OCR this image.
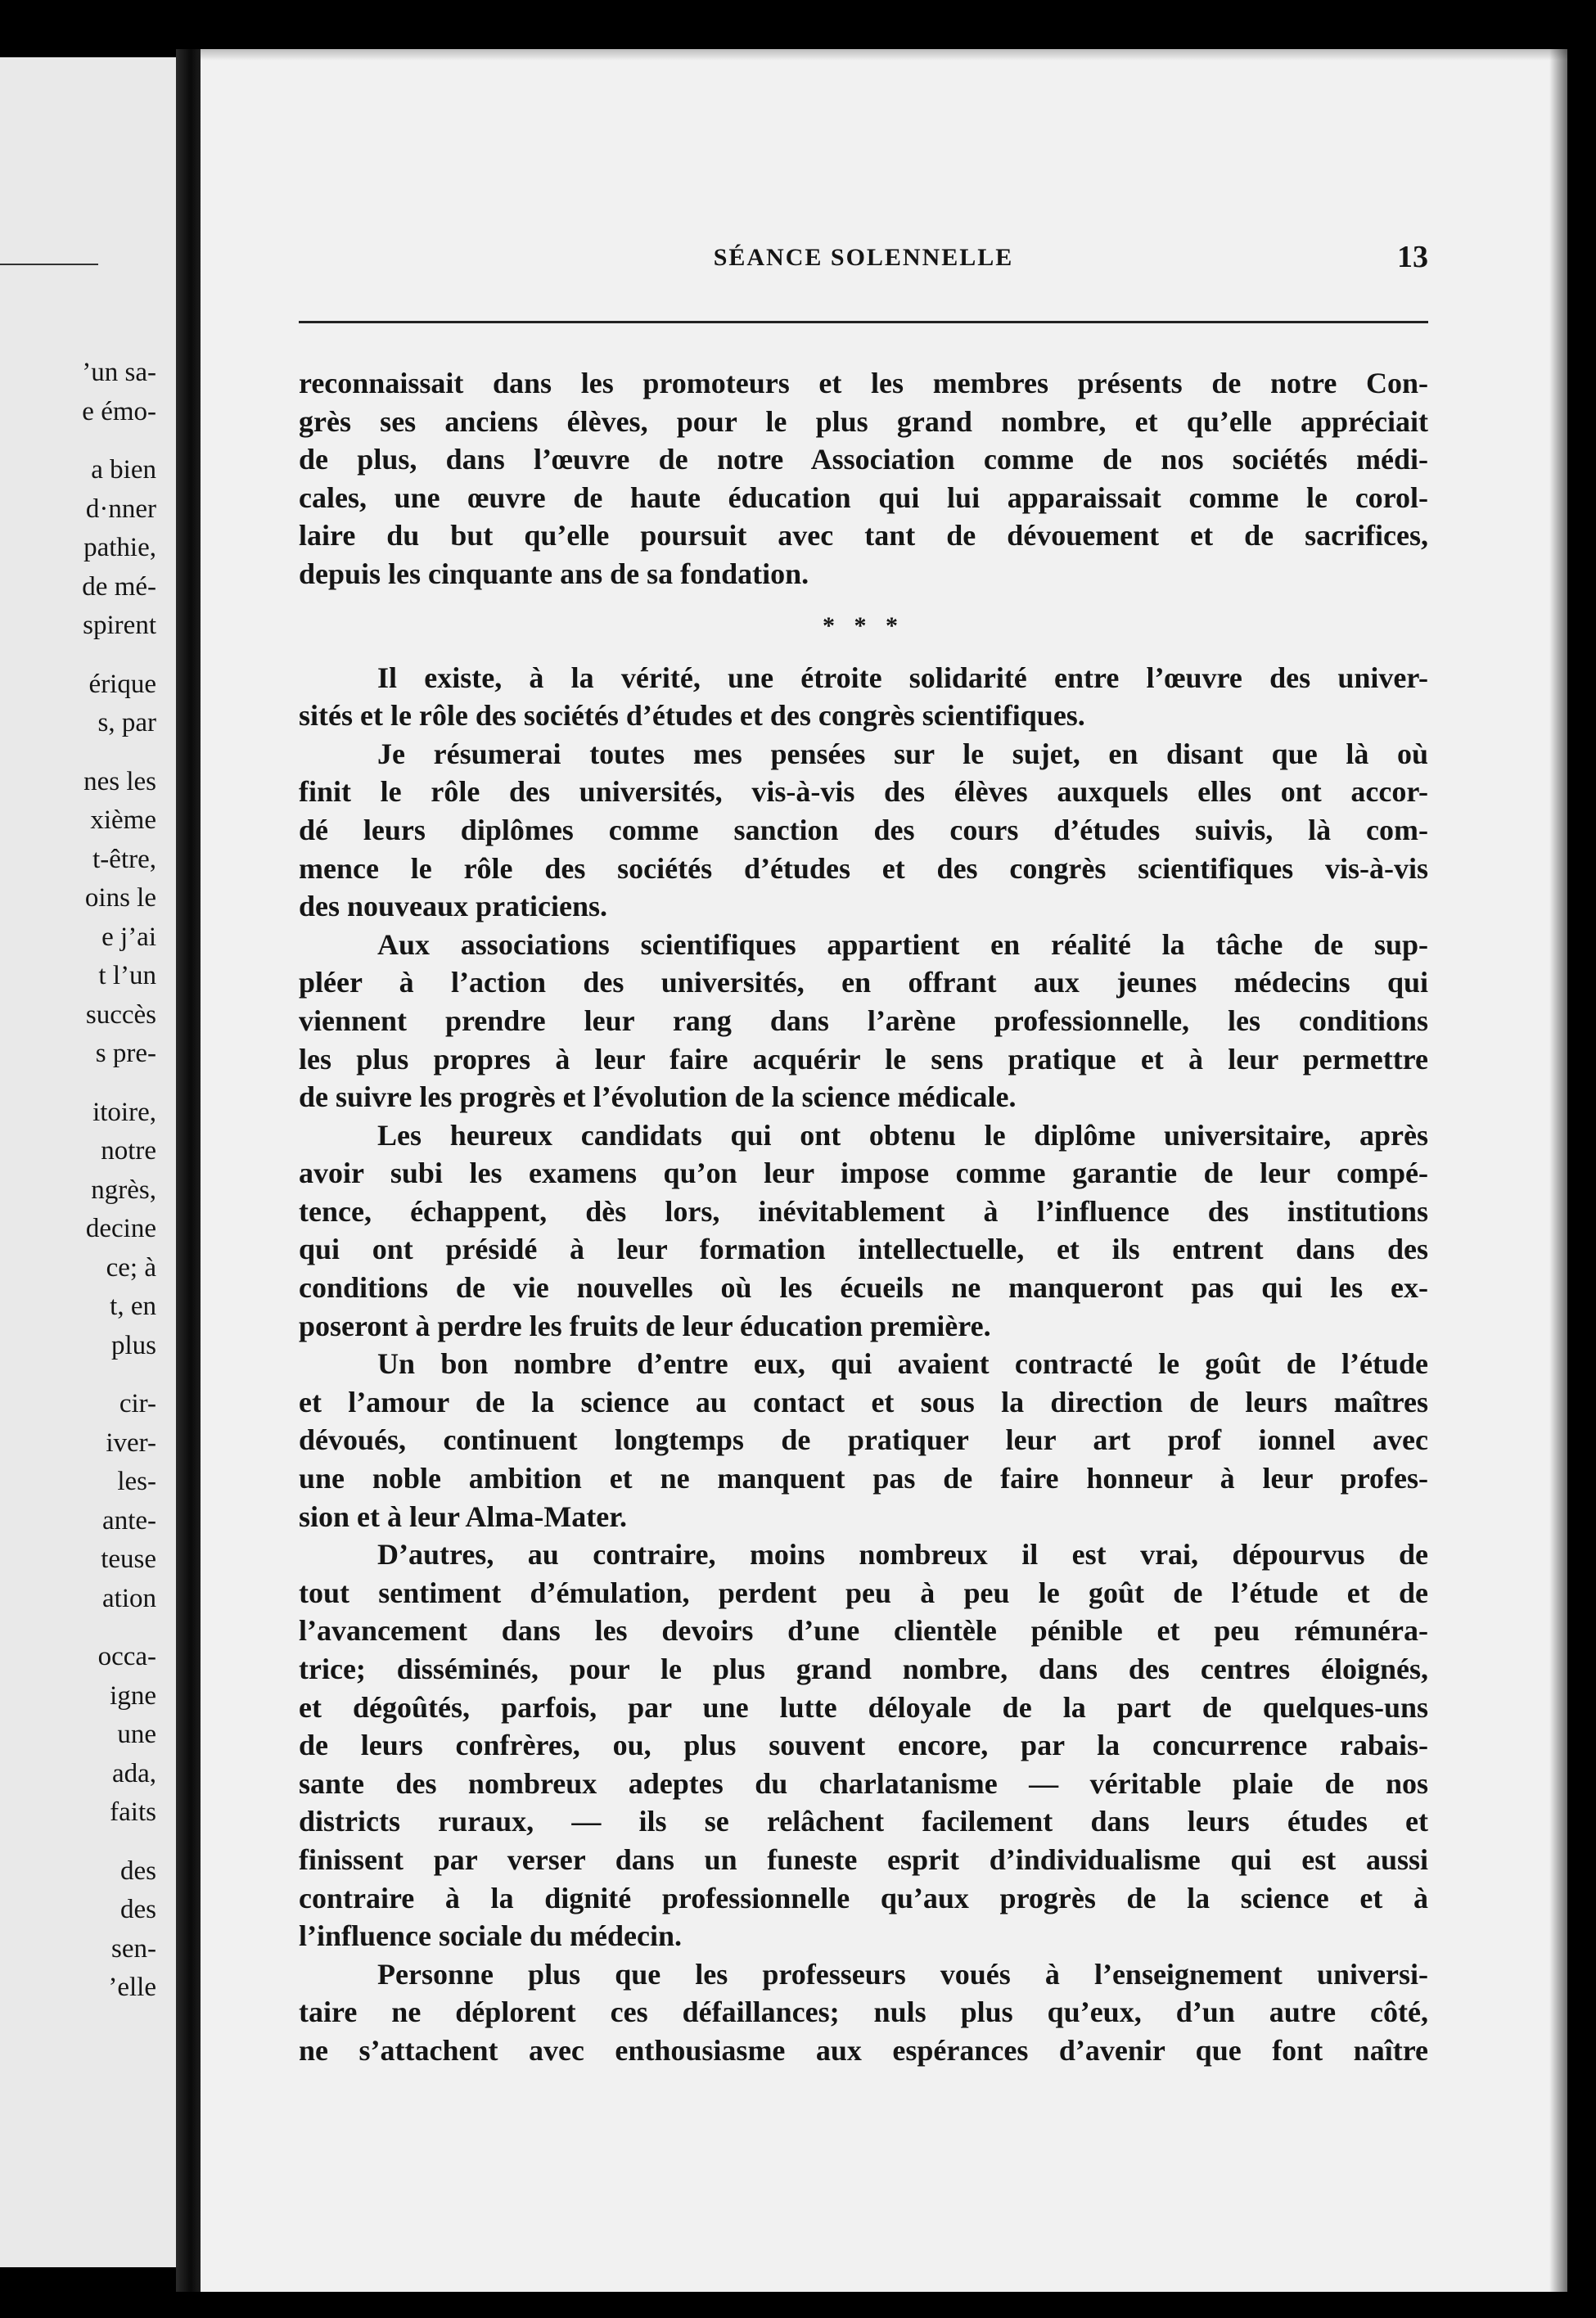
’un sa-
e émo-
a bien
d·nner
pathie,
de mé-
spirent
érique
s, par
nes les
xième
t-être,
oins le
e j’ai
t l’un
succès
s pre-
itoire,
notre
ngrès,
decine
ce; à
t, en
plus
cir-
iver-
les-
ante-
teuse
ation
occa-
igne
une
ada,
faits
des
des
sen-
’elle
SÉANCE SOLENNELLE	13
reconnaissait dans les promoteurs et les membres présents de notre Con-
grès ses anciens élèves, pour le plus grand nombre, et qu’elle appréciait
de plus, dans l’œuvre de notre Association comme de nos sociétés médi-
cales, une œuvre de haute éducation qui lui apparaissait comme le corol-
laire du but qu’elle poursuit avec tant de dévouement et de sacrifices,
depuis les cinquante ans de sa fondation.
* * *
Il existe, à la vérité, une étroite solidarité entre l’œuvre des univer-
sités et le rôle des sociétés d’études et des congrès scientifiques.
Je résumerai toutes mes pensées sur le sujet, en disant que là où
finit le rôle des universités, vis-à-vis des élèves auxquels elles ont accor-
dé leurs diplômes comme sanction des cours d’études suivis, là com-
mence le rôle des sociétés d’études et des congrès scientifiques vis-à-vis
des nouveaux praticiens.
Aux associations scientifiques appartient en réalité la tâche de sup-
pléer à l’action des universités, en offrant aux jeunes médecins qui
viennent prendre leur rang dans l’arène professionnelle, les conditions
les plus propres à leur faire acquérir le sens pratique et à leur permettre
de suivre les progrès et l’évolution de la science médicale.
Les heureux candidats qui ont obtenu le diplôme universitaire, après
avoir subi les examens qu’on leur impose comme garantie de leur compé-
tence, échappent, dès lors, inévitablement à l’influence des institutions
qui ont présidé à leur formation intellectuelle, et ils entrent dans des
conditions de vie nouvelles où les écueils ne manqueront pas qui les ex-
poseront à perdre les fruits de leur éducation première.
Un bon nombre d’entre eux, qui avaient contracté le goût de l’étude
et l’amour de la science au contact et sous la direction de leurs maîtres
dévoués, continuent longtemps de pratiquer leur art prof ionnel avec
une noble ambition et ne manquent pas de faire honneur à leur profes-
sion et à leur Alma-Mater.
D’autres, au contraire, moins nombreux il est vrai, dépourvus de
tout sentiment d’émulation, perdent peu à peu le goût de l’étude et de
l’avancement dans les devoirs d’une clientèle pénible et peu rémunéra-
trice; disséminés, pour le plus grand nombre, dans des centres éloignés,
et dégoûtés, parfois, par une lutte déloyale de la part de quelques-uns
de leurs confrères, ou, plus souvent encore, par la concurrence rabais-
sante des nombreux adeptes du charlatanisme — véritable plaie de nos
districts ruraux, — ils se relâchent facilement dans leurs études et
finissent par verser dans un funeste esprit d’individualisme qui est aussi
contraire à la dignité professionnelle qu’aux progrès de la science et à
l’influence sociale du médecin.
Personne plus que les professeurs voués à l’enseignement universi-
taire ne déplorent ces défaillances; nuls plus qu’eux, d’un autre côté,
ne s’attachent avec enthousiasme aux espérances d’avenir que font naître
